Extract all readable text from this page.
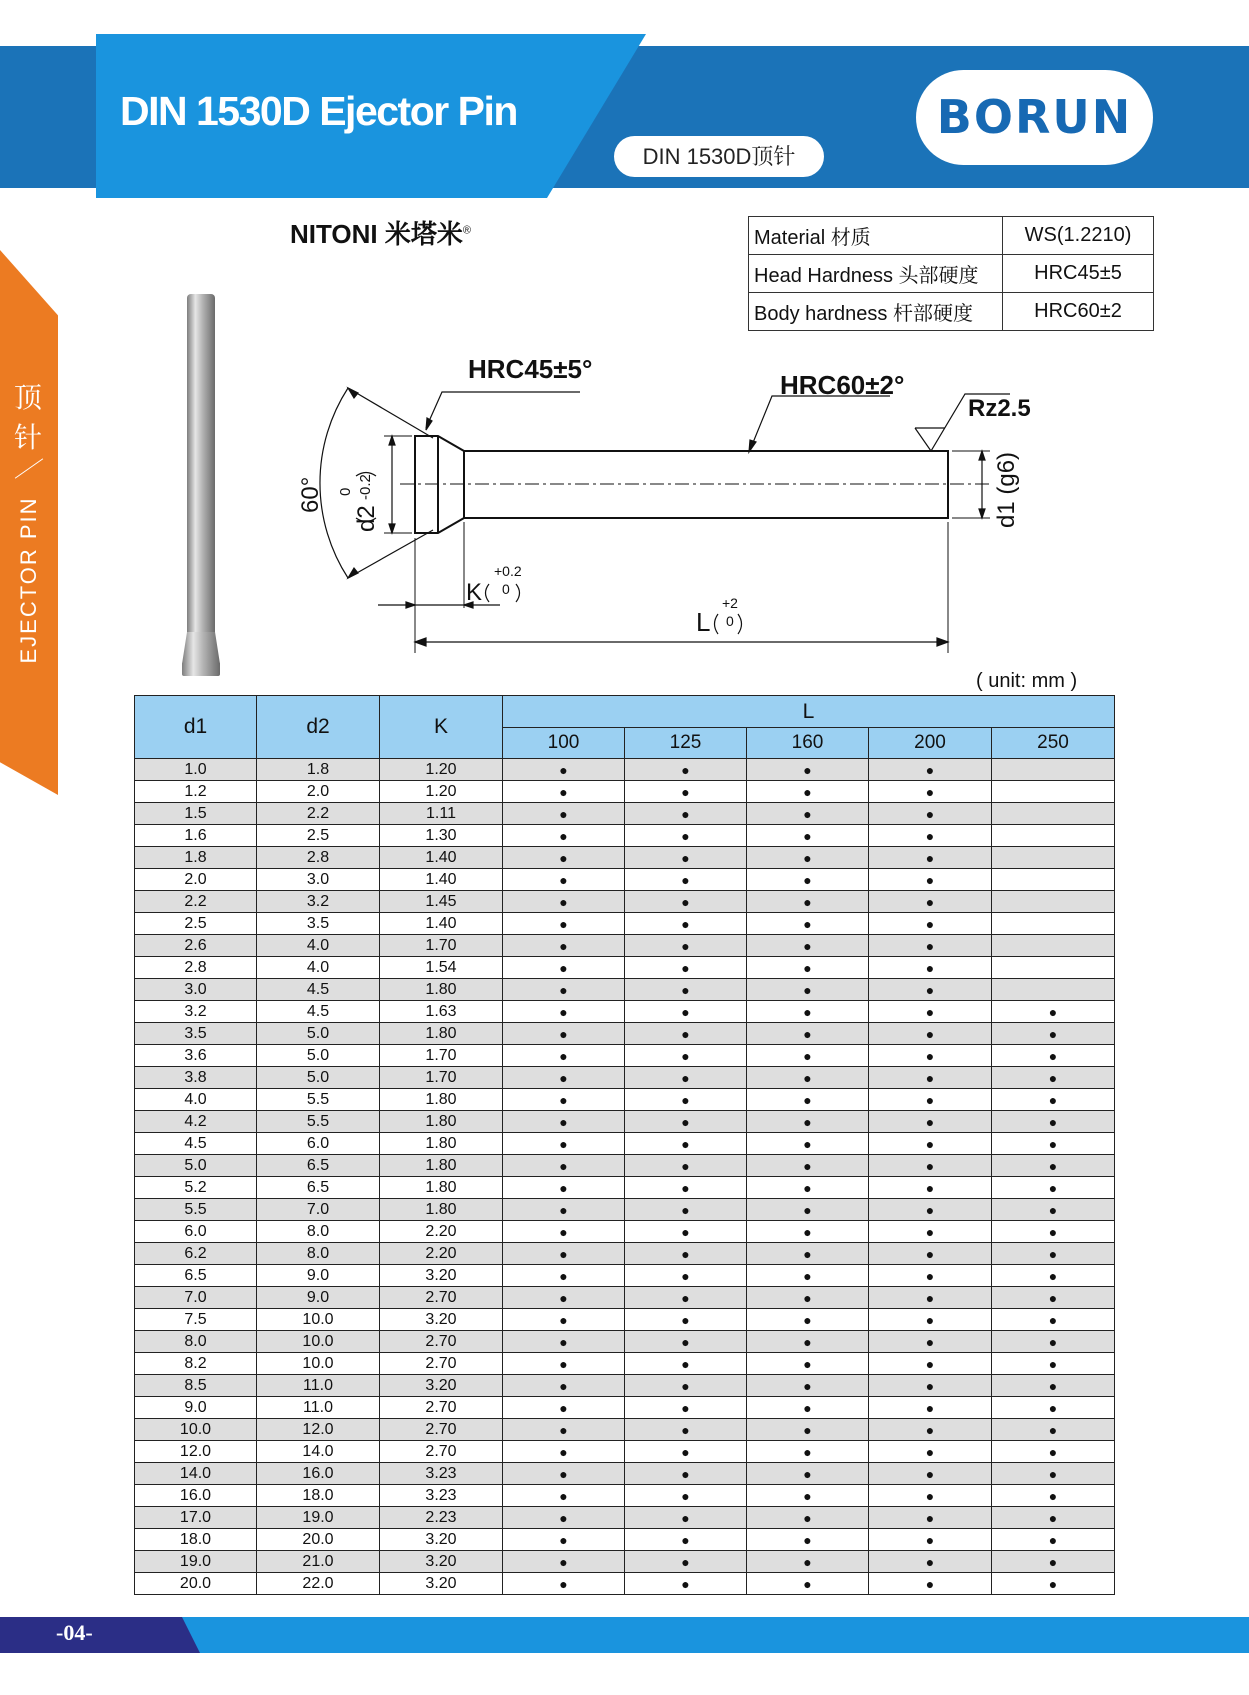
DIN 1530D Ejector Pin
DIN 1530D顶针
BORUN
顶针
EJECTOR PIN
NITONI 米塔米®	Material 材质	WS(1.2210)
Head Hardness 头部硬度	HRC45±5
Body hardness 杆部硬度	HRC60±2
HRC45±5°
HRC60±2°
Rz2.5
60°
d2
0 -0.2	d1 (g6)
K
+0.2
0
L
+2
0
( unit: mm )
d1	d2	K	L				
			100	125	160	200	250
1.0	1.8	1.20	●	●	●	●	
1.2	2.0	1.20	●	●	●	●	
1.5	2.2	1.11	●	●	●	●	
1.6	2.5	1.30	●	●	●	●	
1.8	2.8	1.40	●	●	●	●	
2.0	3.0	1.40	●	●	●	●	
2.2	3.2	1.45	●	●	●	●	
2.5	3.5	1.40	●	●	●	●	
2.6	4.0	1.70	●	●	●	●	
2.8	4.0	1.54	●	●	●	●	
3.0	4.5	1.80	●	●	●	●	
3.2	4.5	1.63	●	●	●	●	●
3.5	5.0	1.80	●	●	●	●	●
3.6	5.0	1.70	●	●	●	●	●
3.8	5.0	1.70	●	●	●	●	●
4.0	5.5	1.80	●	●	●	●	●
4.2	5.5	1.80	●	●	●	●	●
4.5	6.0	1.80	●	●	●	●	●
5.0	6.5	1.80	●	●	●	●	●
5.2	6.5	1.80	●	●	●	●	●
5.5	7.0	1.80	●	●	●	●	●
6.0	8.0	2.20	●	●	●	●	●
6.2	8.0	2.20	●	●	●	●	●
6.5	9.0	3.20	●	●	●	●	●
7.0	9.0	2.70	●	●	●	●	●
7.5	10.0	3.20	●	●	●	●	●
8.0	10.0	2.70	●	●	●	●	●
8.2	10.0	2.70	●	●	●	●	●
8.5	11.0	3.20	●	●	●	●	●
9.0	11.0	2.70	●	●	●	●	●
10.0	12.0	2.70	●	●	●	●	●
12.0	14.0	2.70	●	●	●	●	●
14.0	16.0	3.23	●	●	●	●	●
16.0	18.0	3.23	●	●	●	●	●
17.0	19.0	2.23	●	●	●	●	●
18.0	20.0	3.20	●	●	●	●	●
19.0	21.0	3.20	●	●	●	●	●
20.0	22.0	3.20	●	●	●	●	●
-04-
